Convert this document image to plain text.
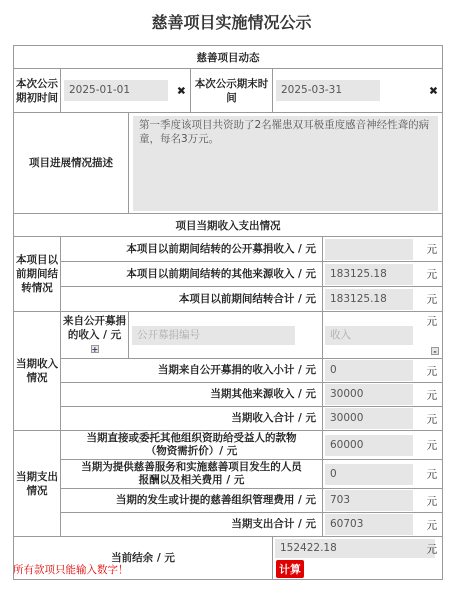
慈善项目实施情况公示
慈善项目动态					
本次公示期初时间	2025-01-01 ✖		本次公示期末时间	2025-03-31 ✖	

项目进展情况描述		第一季度该项目共资助了2名罹患双耳极重度感音神经性聋的病童，每名3万元。			

项目当期收入支出情况					
本项目以前期间结转情况	本项目以前期间结转的公开募捐收入 / 元				元

	本项目以前期间结转的其他来源收入 / 元				183125.18 元

	本项目以前期间结转合计 / 元				183125.18 元

当期收入情况	来自公开募捐的收入 / 元 +	公开募捐编号			收入
元
-

	当期来自公开募捐的收入小计 / 元				0 元

	当期其他来源收入 / 元				30000 元

	当期收入合计 / 元				30000 元

当期支出情况	当期直接或委托其他组织资助给受益人的款物（物资需折价）/ 元				60000 元

	当期为提供慈善服务和实施慈善项目发生的人员报酬以及相关费用 / 元				0 元

	当期的发生或计提的慈善组织管理费用 / 元				703 元

	当期支出合计 / 元				60703 元

当前结余 / 元				152422.18 元
计算	
所有款项只能输入数字！
